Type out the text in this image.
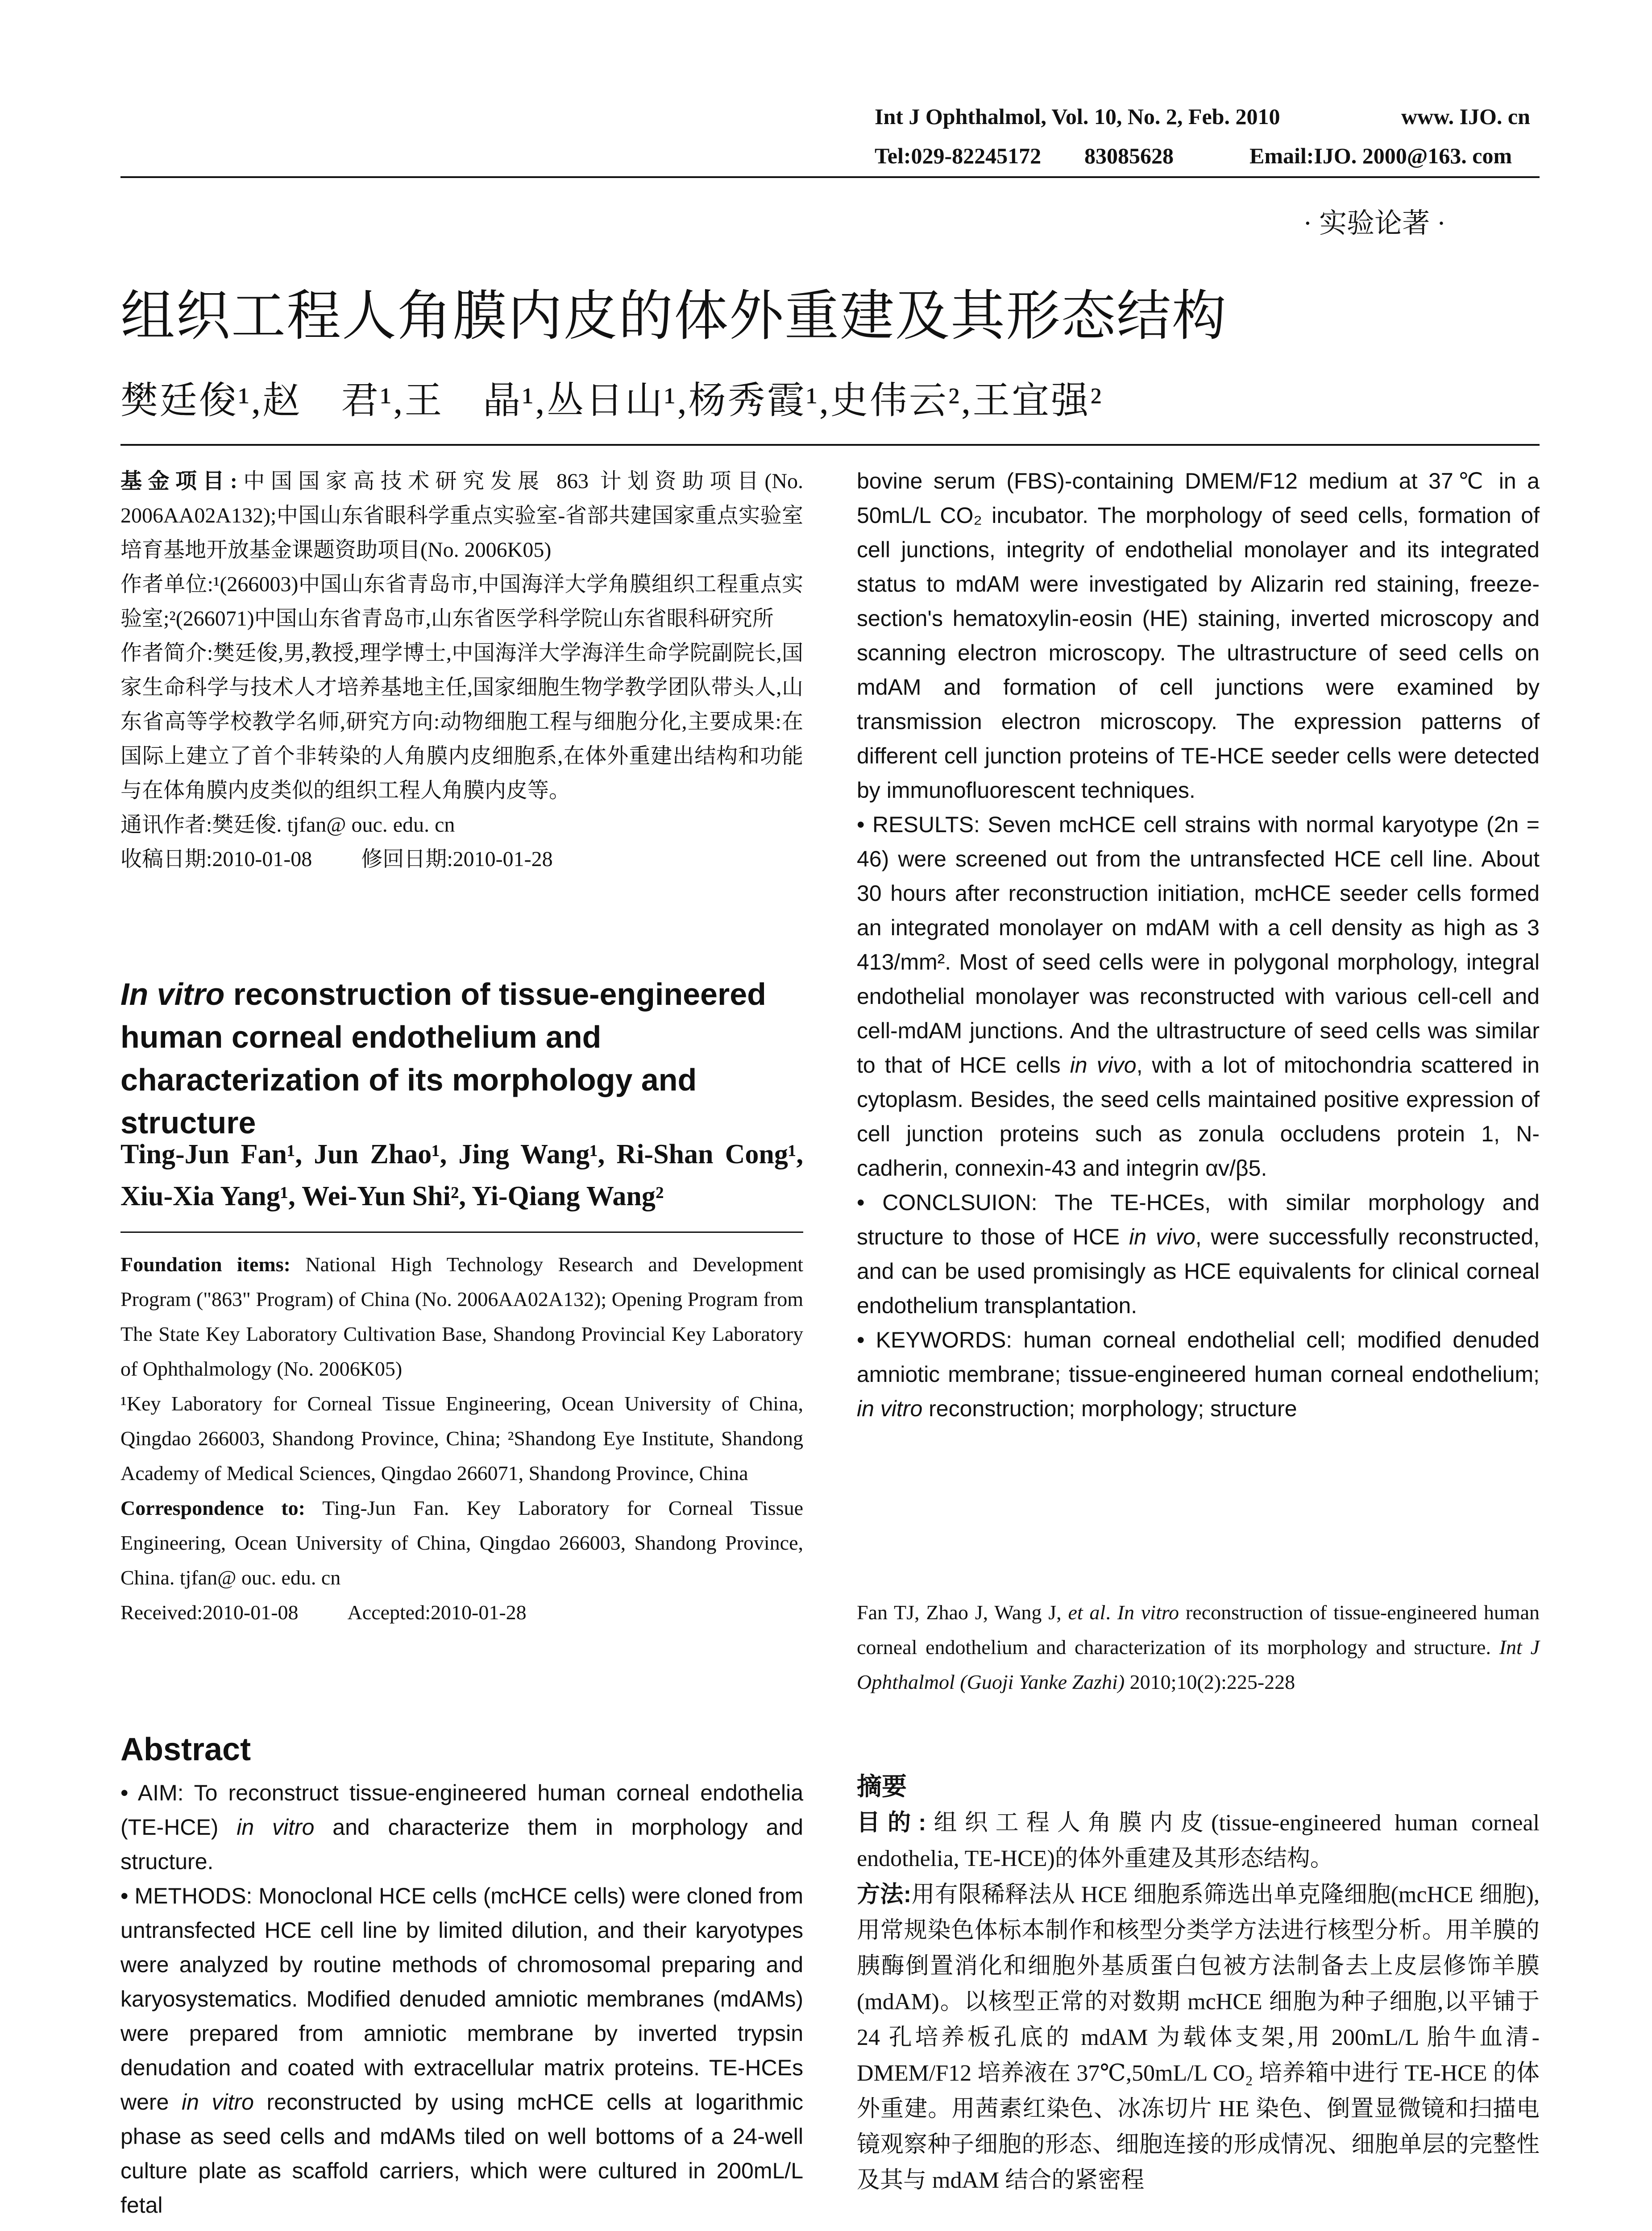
Int J Ophthalmol, Vol. 10, No. 2, Feb. 2010	www. IJO. cn
Tel:029-82245172 83085628	Email:IJO. 2000@163. com
· 实验论著 ·
组织工程人角膜内皮的体外重建及其形态结构
樊廷俊¹,赵　君¹,王　晶¹,丛日山¹,杨秀霞¹,史伟云²,王宜强²
基金项目:中国国家高技术研究发展 863 计划资助项目(No. 2006AA02A132);中国山东省眼科学重点实验室-省部共建国家重点实验室培育基地开放基金课题资助项目(No. 2006K05)
作者单位:¹(266003)中国山东省青岛市,中国海洋大学角膜组织工程重点实验室;²(266071)中国山东省青岛市,山东省医学科学院山东省眼科研究所
作者简介:樊廷俊,男,教授,理学博士,中国海洋大学海洋生命学院副院长,国家生命科学与技术人才培养基地主任,国家细胞生物学教学团队带头人,山东省高等学校教学名师,研究方向:动物细胞工程与细胞分化,主要成果:在国际上建立了首个非转染的人角膜内皮细胞系,在体外重建出结构和功能与在体角膜内皮类似的组织工程人角膜内皮等。
通讯作者:樊廷俊. tjfan@ ouc. edu. cn
收稿日期:2010-01-08 修回日期:2010-01-28
In vitro reconstruction of tissue-engineered human corneal endothelium and characterization of its morphology and structure
Ting-Jun Fan¹, Jun Zhao¹, Jing Wang¹, Ri-Shan Cong¹, Xiu-Xia Yang¹, Wei-Yun Shi², Yi-Qiang Wang²
Foundation items: National High Technology Research and Development Program ("863" Program) of China (No. 2006AA02A132); Opening Program from The State Key Laboratory Cultivation Base, Shandong Provincial Key Laboratory of Ophthalmology (No. 2006K05)
¹Key Laboratory for Corneal Tissue Engineering, Ocean University of China, Qingdao 266003, Shandong Province, China; ²Shandong Eye Institute, Shandong Academy of Medical Sciences, Qingdao 266071, Shandong Province, China
Correspondence to: Ting-Jun Fan. Key Laboratory for Corneal Tissue Engineering, Ocean University of China, Qingdao 266003, Shandong Province, China. tjfan@ ouc. edu. cn
Received:2010-01-08 Accepted:2010-01-28
Abstract
• AIM: To reconstruct tissue-engineered human corneal endothelia (TE-HCE) in vitro and characterize them in morphology and structure.
• METHODS: Monoclonal HCE cells (mcHCE cells) were cloned from untransfected HCE cell line by limited dilution, and their karyotypes were analyzed by routine methods of chromosomal preparing and karyosystematics. Modified denuded amniotic membranes (mdAMs) were prepared from amniotic membrane by inverted trypsin denudation and coated with extracellular matrix proteins. TE-HCEs were in vitro reconstructed by using mcHCE cells at logarithmic phase as seed cells and mdAMs tiled on well bottoms of a 24-well culture plate as scaffold carriers, which were cultured in 200mL/L fetal
bovine serum (FBS)-containing DMEM/F12 medium at 37℃ in a 50mL/L CO₂ incubator. The morphology of seed cells, formation of cell junctions, integrity of endothelial monolayer and its integrated status to mdAM were investigated by Alizarin red staining, freeze-section's hematoxylin-eosin (HE) staining, inverted microscopy and scanning electron microscopy. The ultrastructure of seed cells on mdAM and formation of cell junctions were examined by transmission electron microscopy. The expression patterns of different cell junction proteins of TE-HCE seeder cells were detected by immunofluorescent techniques.
• RESULTS: Seven mcHCE cell strains with normal karyotype (2n = 46) were screened out from the untransfected HCE cell line. About 30 hours after reconstruction initiation, mcHCE seeder cells formed an integrated monolayer on mdAM with a cell density as high as 3 413/mm². Most of seed cells were in polygonal morphology, integral endothelial monolayer was reconstructed with various cell-cell and cell-mdAM junctions. And the ultrastructure of seed cells was similar to that of HCE cells in vivo, with a lot of mitochondria scattered in cytoplasm. Besides, the seed cells maintained positive expression of cell junction proteins such as zonula occludens protein 1, N-cadherin, connexin-43 and integrin αv/β5.
• CONCLSUION: The TE-HCEs, with similar morphology and structure to those of HCE in vivo, were successfully reconstructed, and can be used promisingly as HCE equivalents for clinical corneal endothelium transplantation.
• KEYWORDS: human corneal endothelial cell; modified denuded amniotic membrane; tissue-engineered human corneal endothelium; in vitro reconstruction; morphology; structure
Fan TJ, Zhao J, Wang J, et al. In vitro reconstruction of tissue-engineered human corneal endothelium and characterization of its morphology and structure. Int J Ophthalmol (Guoji Yanke Zazhi) 2010;10(2):225-228
摘要
目的:组织工程人角膜内皮(tissue-engineered human corneal endothelia, TE-HCE)的体外重建及其形态结构。
方法:用有限稀释法从 HCE 细胞系筛选出单克隆细胞(mcHCE 细胞),用常规染色体标本制作和核型分类学方法进行核型分析。用羊膜的胰酶倒置消化和细胞外基质蛋白包被方法制备去上皮层修饰羊膜(mdAM)。以核型正常的对数期 mcHCE 细胞为种子细胞,以平铺于 24 孔培养板孔底的 mdAM 为载体支架,用 200mL/L 胎牛血清-DMEM/F12 培养液在 37℃,50mL/L CO₂ 培养箱中进行 TE-HCE 的体外重建。用茜素红染色、冰冻切片 HE 染色、倒置显微镜和扫描电镜观察种子细胞的形态、细胞连接的形成情况、细胞单层的完整性及其与 mdAM 结合的紧密程
